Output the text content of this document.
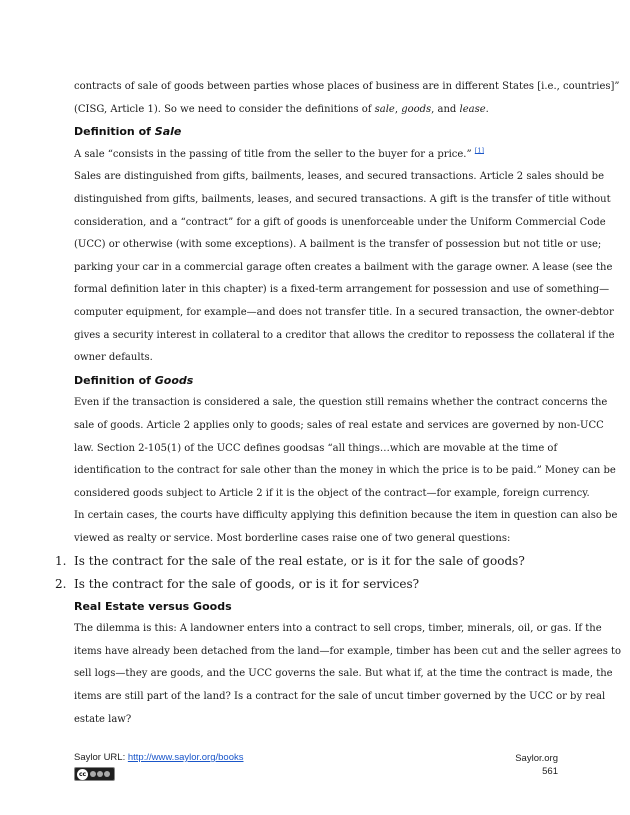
contracts of sale of goods between parties whose places of business are in different States [i.e., countries]”

(CISG, Article 1). So we need to consider the definitions of sale, goods, and lease.

Definition of Sale

A sale “consists in the passing of title from the seller to the buyer for a price.” [1]

Sales are distinguished from gifts, bailments, leases, and secured transactions. Article 2 sales should be

distinguished from gifts, bailments, leases, and secured transactions. A gift is the transfer of title without

consideration, and a “contract” for a gift of goods is unenforceable under the Uniform Commercial Code

(UCC) or otherwise (with some exceptions). A bailment is the transfer of possession but not title or use;

parking your car in a commercial garage often creates a bailment with the garage owner. A lease (see the

formal definition later in this chapter) is a fixed-term arrangement for possession and use of something—

computer equipment, for example—and does not transfer title. In a secured transaction, the owner-debtor

gives a security interest in collateral to a creditor that allows the creditor to repossess the collateral if the

owner defaults.

Definition of Goods

Even if the transaction is considered a sale, the question still remains whether the contract concerns the

sale of goods. Article 2 applies only to goods; sales of real estate and services are governed by non-UCC

law. Section 2-105(1) of the UCC defines goodsas “all things…which are movable at the time of

identification to the contract for sale other than the money in which the price is to be paid.” Money can be

considered goods subject to Article 2 if it is the object of the contract—for example, foreign currency.

In certain cases, the courts have difficulty applying this definition because the item in question can also be

viewed as realty or service. Most borderline cases raise one of two general questions:

1. Is the contract for the sale of the real estate, or is it for the sale of goods?
2. Is the contract for the sale of goods, or is it for services?
Real Estate versus Goods

The dilemma is this: A landowner enters into a contract to sell crops, timber, minerals, oil, or gas. If the

items have already been detached from the land—for example, timber has been cut and the seller agrees to

sell logs—they are goods, and the UCC governs the sale. But what if, at the time the contract is made, the

items are still part of the land? Is a contract for the sale of uncut timber governed by the UCC or by real

estate law?

Saylor URL: http://www.saylor.org/books	Saylor.org
561
cc
